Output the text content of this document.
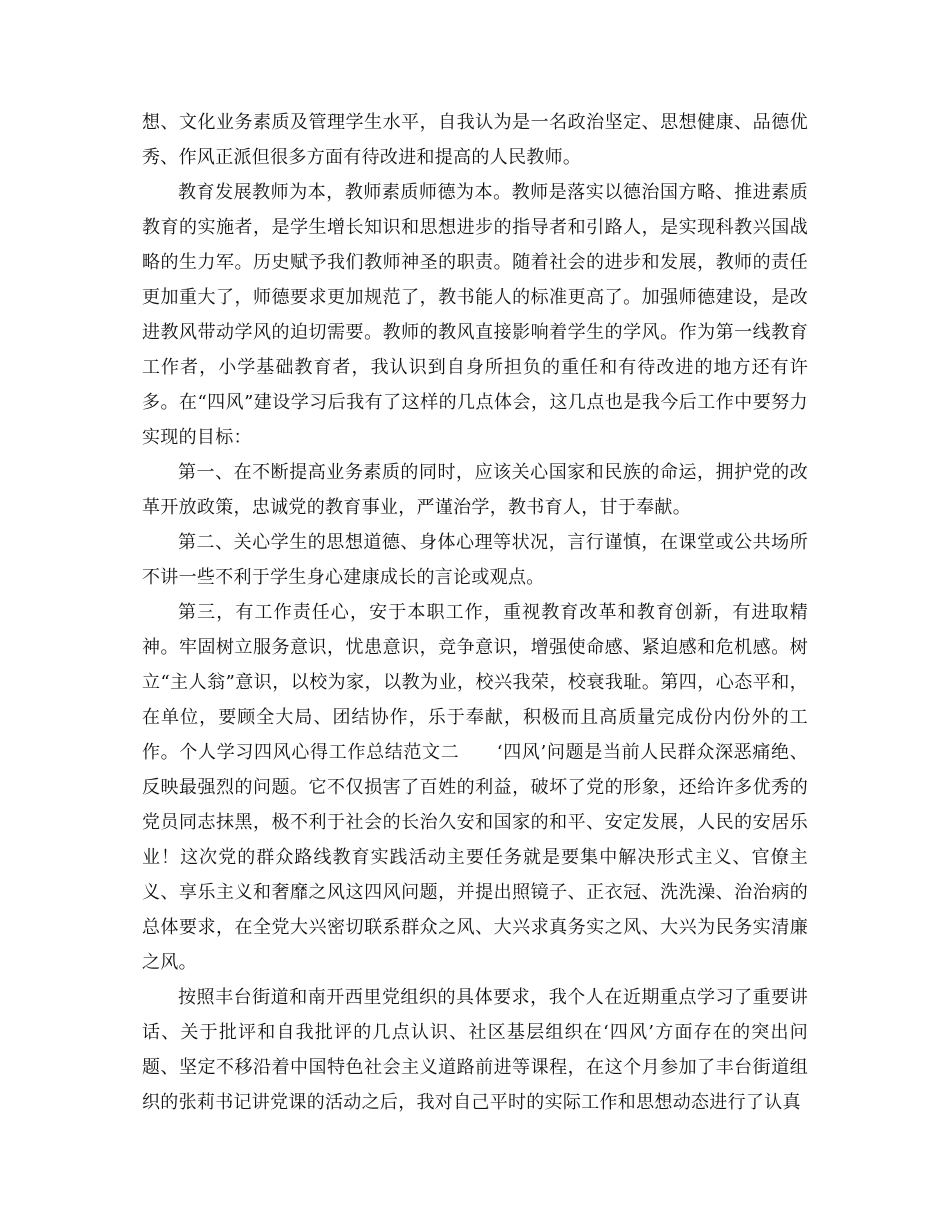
想、文化业务素质及管理学生水平，自我认为是一名政治坚定、思想健康、品德优秀、作风正派但很多方面有待改进和提高的人民教师。

教育发展教师为本，教师素质师德为本。教师是落实以德治国方略、推进素质教育的实施者，是学生增长知识和思想进步的指导者和引路人，是实现科教兴国战略的生力军。历史赋予我们教师神圣的职责。随着社会的进步和发展，教师的责任更加重大了，师德要求更加规范了，教书能人的标准更高了。加强师德建设，是改进教风带动学风的迫切需要。教师的教风直接影响着学生的学风。作为第一线教育工作者，小学基础教育者，我认识到自身所担负的重任和有待改进的地方还有许多。在“四风”建设学习后我有了这样的几点体会，这几点也是我今后工作中要努力实现的目标：

第一、在不断提高业务素质的同时，应该关心国家和民族的命运，拥护党的改革开放政策，忠诚党的教育事业，严谨治学，教书育人，甘于奉献。

第二、关心学生的思想道德、身体心理等状况，言行谨慎，在课堂或公共场所不讲一些不利于学生身心建康成长的言论或观点。

第三，有工作责任心，安于本职工作，重视教育改革和教育创新，有进取精神。牢固树立服务意识，忧患意识，竞争意识，增强使命感、紧迫感和危机感。树立“主人翁”意识，以校为家，以教为业，校兴我荣，校衰我耻。第四，心态平和，在单位，要顾全大局、团结协作，乐于奉献，积极而且高质量完成份内份外的工作。个人学习四风心得工作总结范文二　　‘四风’问题是当前人民群众深恶痛绝、反映最强烈的问题。它不仅损害了百姓的利益，破坏了党的形象，还给许多优秀的党员同志抹黑，极不利于社会的长治久安和国家的和平、安定发展，人民的安居乐业！这次党的群众路线教育实践活动主要任务就是要集中解决形式主义、官僚主义、享乐主义和奢靡之风这四风问题，并提出照镜子、正衣冠、洗洗澡、治治病的总体要求，在全党大兴密切联系群众之风、大兴求真务实之风、大兴为民务实清廉之风。

按照丰台街道和南开西里党组织的具体要求，我个人在近期重点学习了重要讲话、关于批评和自我批评的几点认识、社区基层组织在‘四风’方面存在的突出问题、坚定不移沿着中国特色社会主义道路前进等课程，在这个月参加了丰台街道组织的张莉书记讲党课的活动之后，我对自己平时的实际工作和思想动态进行了认真
